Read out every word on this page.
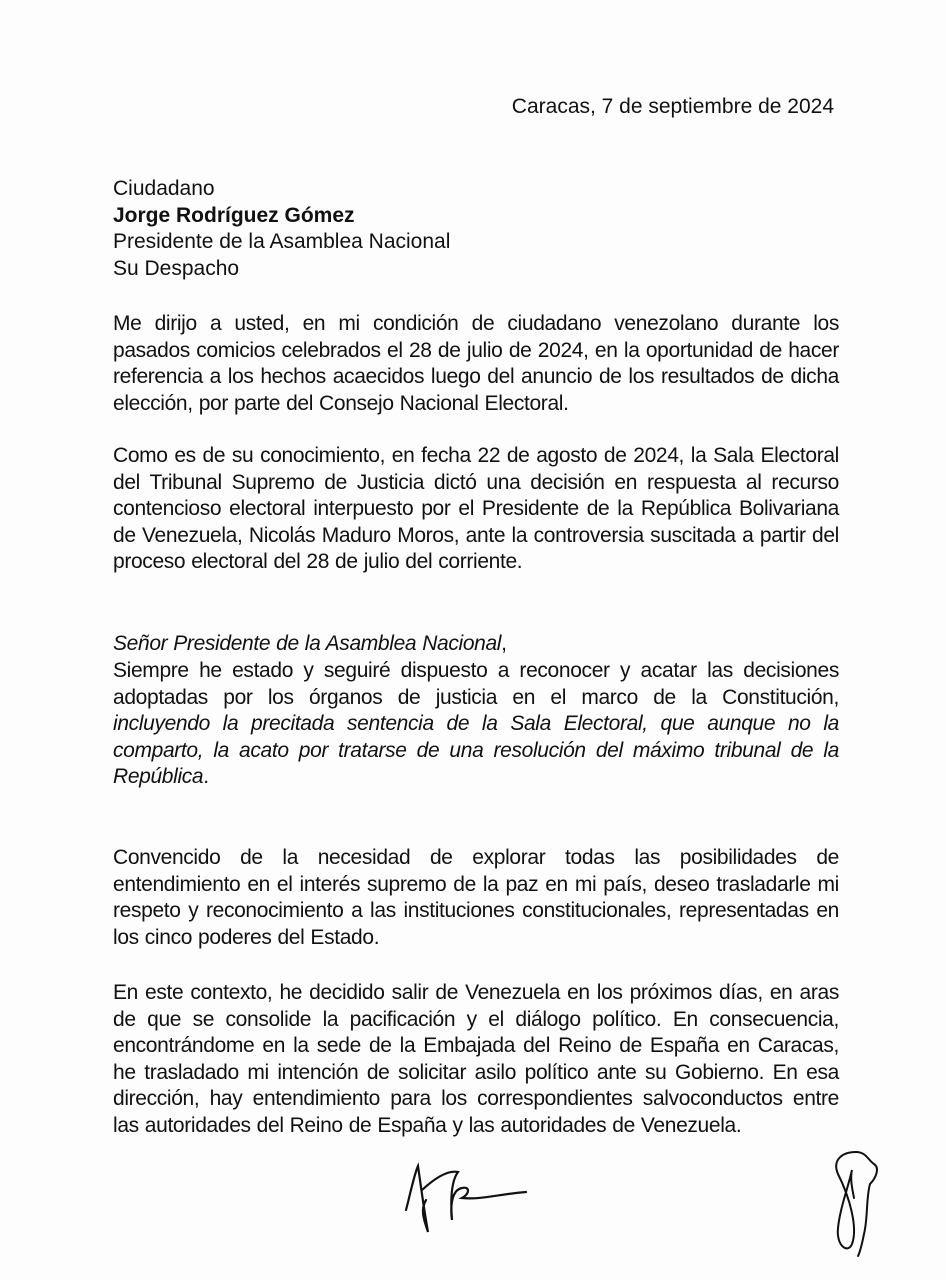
Caracas, 7 de septiembre de 2024
Ciudadano
Jorge Rodríguez Gómez
Presidente de la Asamblea Nacional
Su Despacho
Me dirijo a usted, en mi condición de ciudadano venezolano durante los pasados comicios celebrados el 28 de julio de 2024, en la oportunidad de hacer referencia a los hechos acaecidos luego del anuncio de los resultados de dicha elección, por parte del Consejo Nacional Electoral.
Como es de su conocimiento, en fecha 22 de agosto de 2024, la Sala Electoral del Tribunal Supremo de Justicia dictó una decisión en respuesta al recurso contencioso electoral interpuesto por el Presidente de la República Bolivariana de Venezuela, Nicolás Maduro Moros, ante la controversia suscitada a partir del proceso electoral del 28 de julio del corriente.
Señor Presidente de la Asamblea Nacional,
Siempre he estado y seguiré dispuesto a reconocer y acatar las decisiones adoptadas por los órganos de justicia en el marco de la Constitución, incluyendo la precitada sentencia de la Sala Electoral, que aunque no la comparto, la acato por tratarse de una resolución del máximo tribunal de la República.
Convencido de la necesidad de explorar todas las posibilidades de entendimiento en el interés supremo de la paz en mi país, deseo trasladarle mi respeto y reconocimiento a las instituciones constitucionales, representadas en los cinco poderes del Estado.
En este contexto, he decidido salir de Venezuela en los próximos días, en aras de que se consolide la pacificación y el diálogo político. En consecuencia, encontrándome en la sede de la Embajada del Reino de España en Caracas, he trasladado mi intención de solicitar asilo político ante su Gobierno. En esa dirección, hay entendimiento para los correspondientes salvoconductos entre las autoridades del Reino de España y las autoridades de Venezuela.
